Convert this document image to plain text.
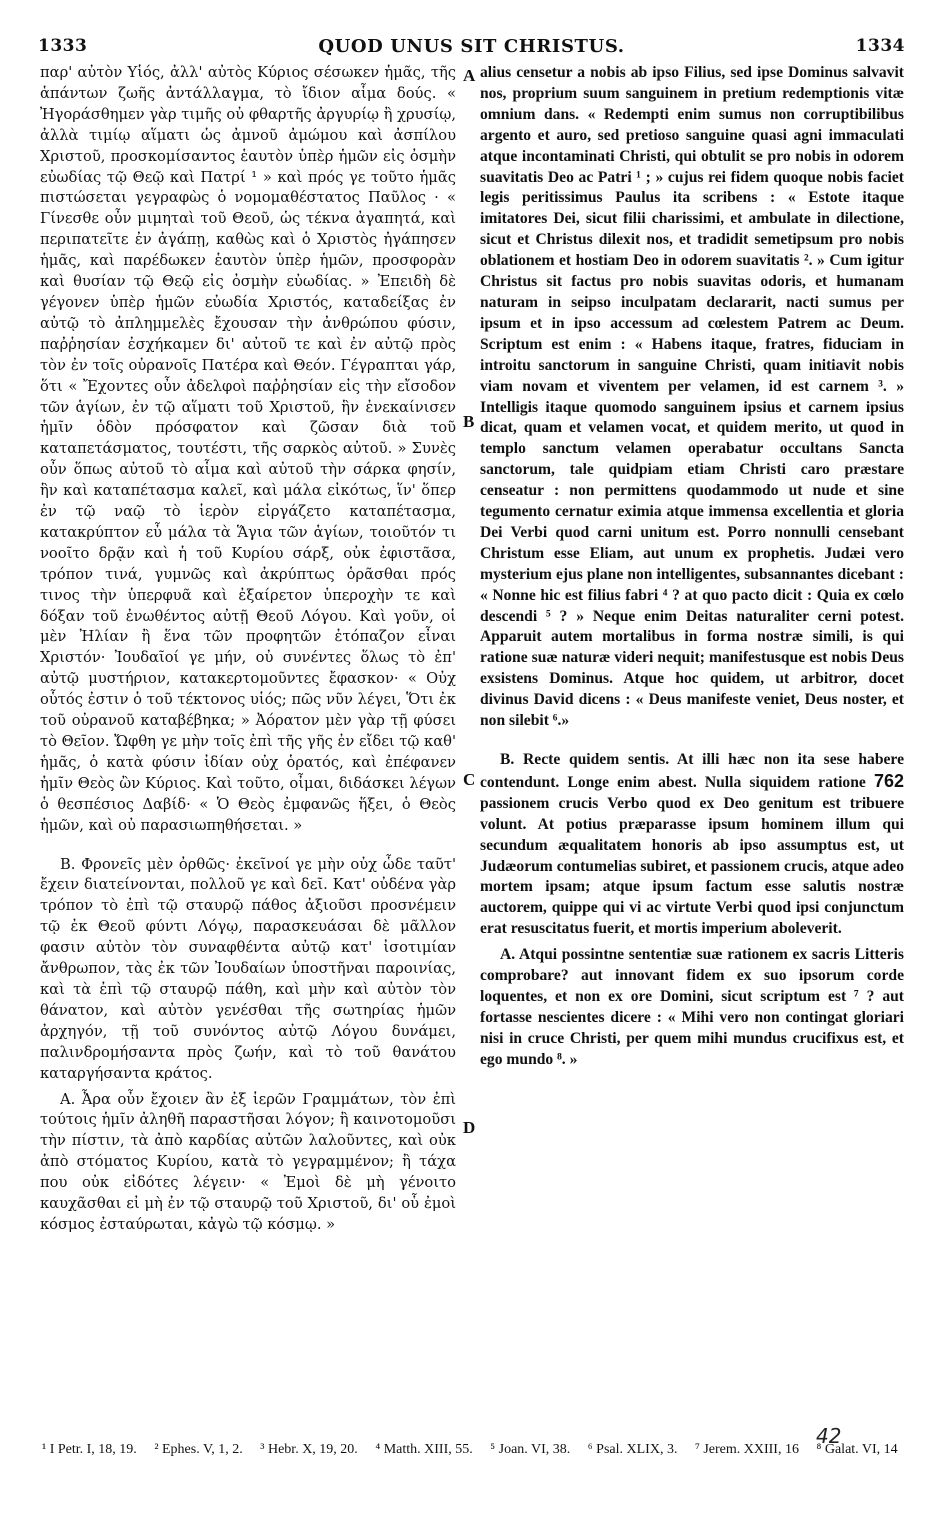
1333	QUOD UNUS SIT CHRISTUS.	1334

παρ' αὐτὸν Υἱός, ἀλλ' αὐτὸς Κύριος σέσωκεν ἡμᾶς, τῆς ἁπάντων ζωῆς ἀντάλλαγμα, τὸ ἴδιον αἷμα δούς. « Ἠγοράσθημεν γὰρ τιμῆς οὐ φθαρτῆς ἀργυρίῳ ἢ χρυσίῳ, ἀλλὰ τιμίῳ αἵματι ὡς ἀμνοῦ ἀμώμου καὶ ἀσπίλου Χριστοῦ, προσκομίσαντος ἑαυτὸν ὑπὲρ ἡμῶν εἰς ὀσμὴν εὐωδίας τῷ Θεῷ καὶ Πατρί ¹ » καὶ πρός γε τοῦτο ἡμᾶς πιστώσεται γεγραφὼς ὁ νομομαθέστατος Παῦλος · « Γίνεσθε οὖν μιμηταὶ τοῦ Θεοῦ, ὡς τέκνα ἀγαπητά, καὶ περιπατεῖτε ἐν ἀγάπῃ, καθὼς καὶ ὁ Χριστὸς ἠγάπησεν ἡμᾶς, καὶ παρέδωκεν ἑαυτὸν ὑπὲρ ἡμῶν, προσφορὰν καὶ θυσίαν τῷ Θεῷ εἰς ὀσμὴν εὐωδίας. » Ἐπειδὴ δὲ γέγονεν ὑπὲρ ἡμῶν εὐωδία Χριστός, καταδείξας ἐν αὐτῷ τὸ ἀπλημμελὲς ἔχουσαν τὴν ἀνθρώπου φύσιν, παῤῥησίαν ἐσχήκαμεν δι' αὐτοῦ τε καὶ ἐν αὐτῷ πρὸς τὸν ἐν τοῖς οὐρανοῖς Πατέρα καὶ Θεόν. Γέγραπται γάρ, ὅτι « Ἔχοντες οὖν ἀδελφοὶ παῤῥησίαν εἰς τὴν εἴσοδον τῶν ἁγίων, ἐν τῷ αἵματι τοῦ Χριστοῦ, ἣν ἐνεκαίνισεν ἡμῖν ὁδὸν πρόσφατον καὶ ζῶσαν διὰ τοῦ καταπετάσματος, τουτέστι, τῆς σαρκὸς αὐτοῦ. » Συνὲς οὖν ὅπως αὐτοῦ τὸ αἷμα καὶ αὐτοῦ τὴν σάρκα φησίν, ἣν καὶ καταπέτασμα καλεῖ, καὶ μάλα εἰκότως, ἵν' ὅπερ ἐν τῷ ναῷ τὸ ἱερὸν εἰργάζετο καταπέτασμα, κατακρύπτον εὖ μάλα τὰ Ἅγια τῶν ἁγίων, τοιοῦτόν τι νοοῖτο δρᾷν καὶ ἡ τοῦ Κυρίου σάρξ, οὐκ ἐφιστᾶσα, τρόπον τινά, γυμνῶς καὶ ἀκρύπτως ὁρᾶσθαι πρός τινος τὴν ὑπερφυᾶ καὶ ἐξαίρετον ὑπεροχὴν τε καὶ δόξαν τοῦ ἐνωθέντος αὐτῇ Θεοῦ Λόγου. Καὶ γοῦν, οἱ μὲν Ἠλίαν ἢ ἕνα τῶν προφητῶν ἐτόπαζον εἶναι Χριστόν· Ἰουδαῖοί γε μήν, οὐ συνέντες ὅλως τὸ ἐπ' αὐτῷ μυστήριον, κατακερτομοῦντες ἔφασκον· « Οὐχ οὗτός ἐστιν ὁ τοῦ τέκτονος υἱός; πῶς νῦν λέγει, Ὅτι ἐκ τοῦ οὐρανοῦ καταβέβηκα; » Ἀόρατον μὲν γὰρ τῇ φύσει τὸ Θεῖον. Ὤφθη γε μὴν τοῖς ἐπὶ τῆς γῆς ἐν εἴδει τῷ καθ' ἡμᾶς, ὁ κατὰ φύσιν ἰδίαν οὐχ ὁρατός, καὶ ἐπέφανεν ἡμῖν Θεὸς ὢν Κύριος. Καὶ τοῦτο, οἶμαι, διδάσκει λέγων ὁ θεσπέσιος Δαβίδ· « Ὁ Θεὸς ἐμφανῶς ἥξει, ὁ Θεὸς ἡμῶν, καὶ οὐ παρασιωπηθήσεται. »

Β. Φρονεῖς μὲν ὀρθῶς· ἐκεῖνοί γε μὴν οὐχ ὧδε ταῦτ' ἔχειν διατείνονται, πολλοῦ γε καὶ δεῖ. Κατ' οὐδένα γὰρ τρόπον τὸ ἐπὶ τῷ σταυρῷ πάθος ἀξιοῦσι προσνέμειν τῷ ἐκ Θεοῦ φύντι Λόγῳ, παρασκευάσαι δὲ μᾶλλον φασιν αὐτὸν τὸν συναφθέντα αὐτῷ κατ' ἰσοτιμίαν ἄνθρωπον, τὰς ἐκ τῶν Ἰουδαίων ὑποστῆναι παροινίας, καὶ τὰ ἐπὶ τῷ σταυρῷ πάθη, καὶ μὴν καὶ αὐτὸν τὸν θάνατον, καὶ αὐτὸν γενέσθαι τῆς σωτηρίας ἡμῶν ἀρχηγόν, τῇ τοῦ συνόντος αὐτῷ Λόγου δυνάμει, παλινδρομήσαντα πρὸς ζωήν, καὶ τὸ τοῦ θανάτου καταργήσαντα κράτος.

Α. Ἆρα οὖν ἔχοιεν ἂν ἐξ ἱερῶν Γραμμάτων, τὸν ἐπὶ τούτοις ἡμῖν ἀληθῆ παραστῆσαι λόγον; ἢ καινοτομοῦσι τὴν πίστιν, τὰ ἀπὸ καρδίας αὐτῶν λαλοῦντες, καὶ οὐκ ἀπὸ στόματος Κυρίου, κατὰ τὸ γεγραμμένον; ἢ τάχα που οὐκ εἰδότες λέγειν· « Ἐμοὶ δὲ μὴ γένοιτο καυχᾶσθαι εἰ μὴ ἐν τῷ σταυρῷ τοῦ Χριστοῦ, δι' οὗ ἐμοὶ κόσμος ἐσταύρωται, κἀγὼ τῷ κόσμῳ. »

alius censetur a nobis ab ipso Filius, sed ipse Dominus salvavit nos, proprium suum sanguinem in pretium redemptionis vitæ omnium dans. « Redempti enim sumus non corruptibilibus argento et auro, sed pretioso sanguine quasi agni immaculati atque incontaminati Christi, qui obtulit se pro nobis in odorem suavitatis Deo ac Patri ¹ ; » cujus rei fidem quoque nobis faciet legis peritissimus Paulus ita scribens : « Estote itaque imitatores Dei, sicut filii charissimi, et ambulate in dilectione, sicut et Christus dilexit nos, et tradidit semetipsum pro nobis oblationem et hostiam Deo in odorem suavitatis ². » Cum igitur Christus sit factus pro nobis suavitas odoris, et humanam naturam in seipso inculpatam declararit, nacti sumus per ipsum et in ipso accessum ad cœlestem Patrem ac Deum. Scriptum est enim : « Habens itaque, fratres, fiduciam in introitu sanctorum in sanguine Christi, quam initiavit nobis viam novam et viventem per velamen, id est carnem ³. » Intelligis itaque quomodo sanguinem ipsius et carnem ipsius dicat, quam et velamen vocat, et quidem merito, ut quod in templo sanctum velamen operabatur occultans Sancta sanctorum, tale quidpiam etiam Christi caro præstare censeatur : non permittens quodammodo ut nude et sine tegumento cernatur eximia atque immensa excellentia et gloria Dei Verbi quod carni unitum est. Porro nonnulli censebant Christum esse Eliam, aut unum ex prophetis. Judæi vero mysterium ejus plane non intelligentes, subsannantes dicebant : « Nonne hic est filius fabri ⁴ ? at quo pacto dicit : Quia ex cœlo descendi ⁵ ? » Neque enim Deitas naturaliter cerni potest. Apparuit autem mortalibus in forma nostræ simili, is qui ratione suæ naturæ videri nequit; manifestusque est nobis Deus exsistens Dominus. Atque hoc quidem, ut arbitror, docet divinus David dicens : « Deus manifeste veniet, Deus noster, et non silebit ⁶.»

B. Recte quidem sentis. At illi hæc non ita sese habere contendunt. Longe enim abest. Nulla siquidem ratione 762 passionem crucis Verbo quod ex Deo genitum est tribuere volunt. At potius præparasse ipsum hominem illum qui secundum æqualitatem honoris ab ipso assumptus est, ut Judæorum contumelias subiret, et passionem crucis, atque adeo mortem ipsam; atque ipsum factum esse salutis nostræ auctorem, quippe qui vi ac virtute Verbi quod ipsi conjunctum erat resuscitatus fuerit, et mortis imperium aboleverit.

A. Atqui possintne sententiæ suæ rationem ex sacris Litteris comprobare? aut innovant fidem ex suo ipsorum corde loquentes, et non ex ore Domini, sicut scriptum est ⁷ ? aut fortasse nescientes dicere : « Mihi vero non contingat gloriari nisi in cruce Christi, per quem mihi mundus crucifixus est, et ego mundo ⁸. »

A
B
C
D
¹ I Petr. I, 18, 19. ² Ephes. V, 1, 2. ³ Hebr. X, 19, 20. ⁴ Matth. XIII, 55. ⁵ Joan. VI, 38. ⁶ Psal. XLIX, 3. ⁷ Jerem. XXIII, 16 ⁸ Galat. VI, 14
42
